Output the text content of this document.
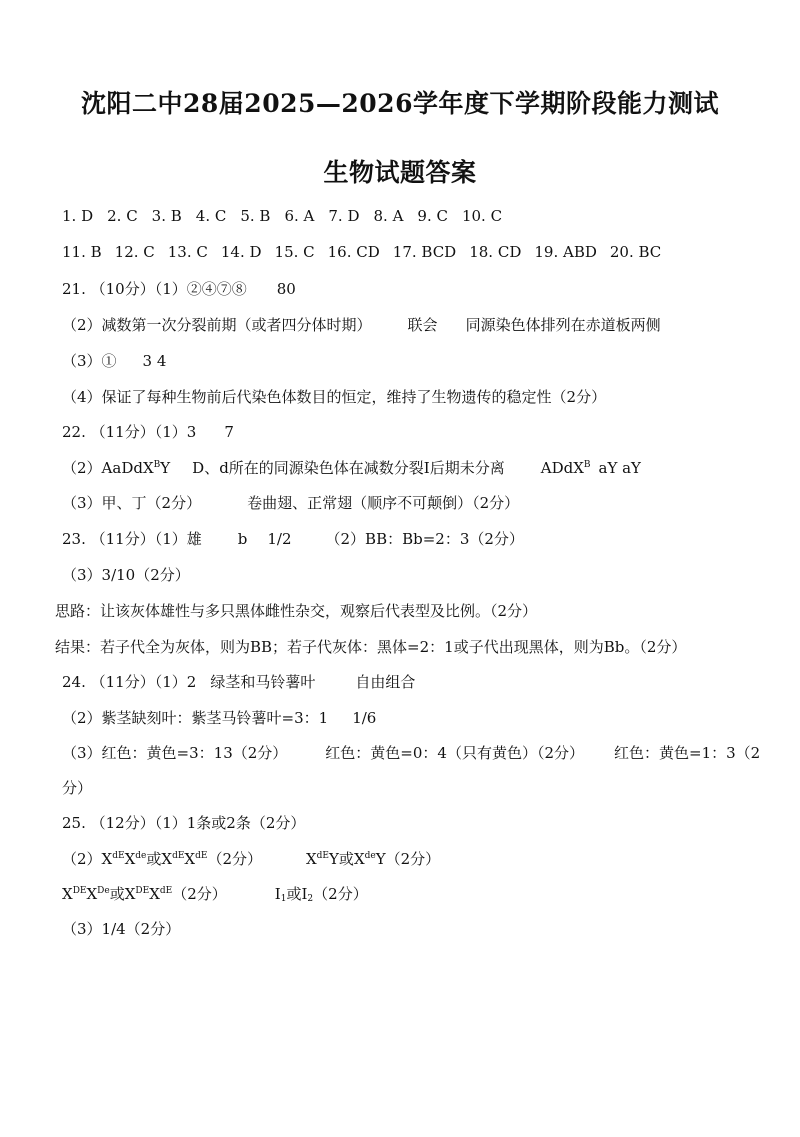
沈阳二中28届2025—2026学年度下学期阶段能力测试
生物试题答案
1. D 2. C 3. B 4. C 5. B 6. A 7. D 8. A 9. C 10. C
11. B 12. C 13. C 14. D 15. C 16. CD 17. BCD 18. CD 19. ABD 20. BC
21. （10分）（1）②④⑦⑧ 80
（2）减数第一次分裂前期（或者四分体时期） 联会 同源染色体排列在赤道板两侧
（3）① 3 4
（4）保证了每种生物前后代染色体数目的恒定，维持了生物遗传的稳定性（2分）
22. （11分）（1）3 7
（2）AaDdX$^B$Y D、d所在的同源染色体在减数分裂Ⅰ后期未分离 ADdX$^B$ aY aY
（3）甲、丁（2分）	卷曲翅、正常翅（顺序不可颠倒）（2分）
23. （11分）（1）雄 b 1/2 （2）BB：Bb=2：3（2分）
（3）3/10（2分）
思路：让该灰体雄性与多只黑体雌性杂交，观察后代表型及比例。（2分）
结果：若子代全为灰体，则为BB；若子代灰体：黑体=2：1或子代出现黑体，则为Bb。（2分）
24. （11分）（1）2 绿茎和马铃薯叶	自由组合
（2）紫茎缺刻叶：紫茎马铃薯叶=3：1 1/6
（3）红色：黄色=3：13（2分）	红色：黄色=0：4（只有黄色）（2分） 红色：黄色=1：3（2
分）
25. （12分）（1）1条或2条（2分）
（2）XdEXde或XdEXdE（2分）	XdEY或XdeY（2分）
XDEXDe或XDEXdE（2分）	$Ⅰ_1$或$Ⅰ_2(2$分）
（3）1/4（2分）
